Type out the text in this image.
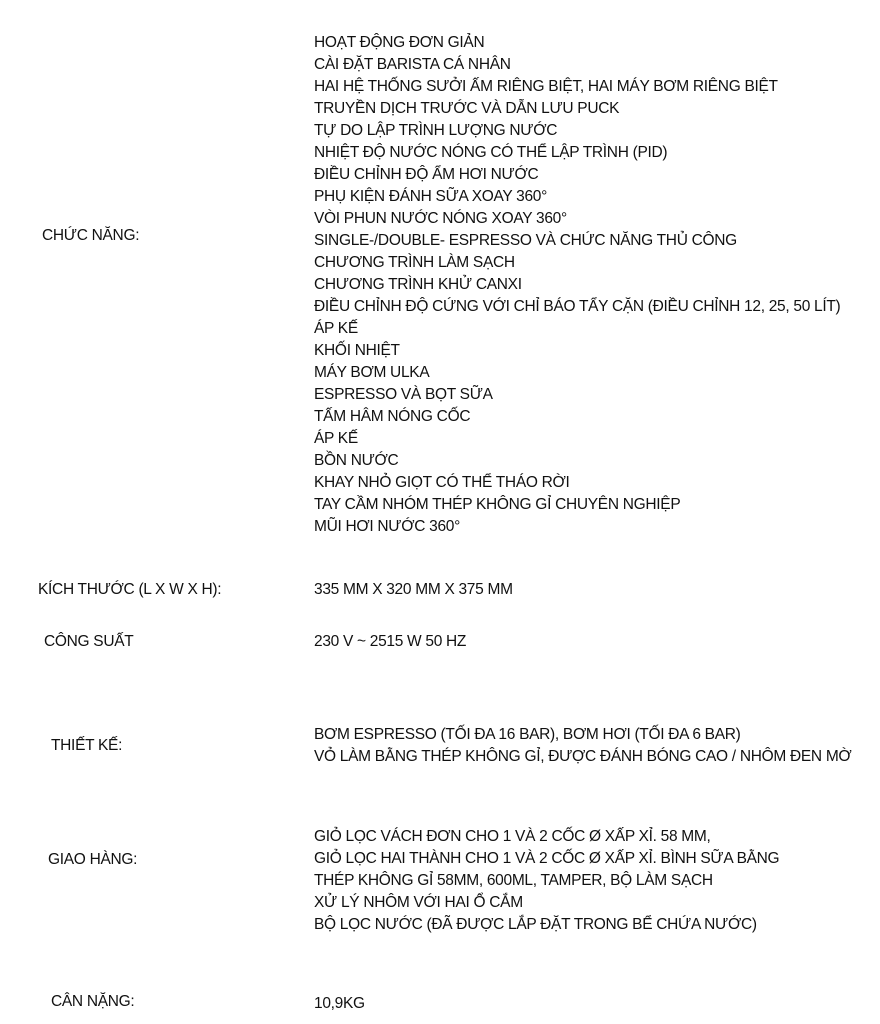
CHỨC NĂNG:
HOẠT ĐỘNG ĐƠN GIẢN
CÀI ĐẶT BARISTA CÁ NHÂN
HAI HỆ THỐNG SƯỞI ẤM RIÊNG BIỆT, HAI MÁY BƠM RIÊNG BIỆT
TRUYỀN DỊCH TRƯỚC VÀ DẪN LƯU PUCK
TỰ DO LẬP TRÌNH LƯỢNG NƯỚC
NHIỆT ĐỘ NƯỚC NÓNG CÓ THỂ LẬP TRÌNH (PID)
ĐIỀU CHỈNH ĐỘ ẨM HƠI NƯỚC
PHỤ KIỆN ĐÁNH SỮA XOAY 360°
VÒI PHUN NƯỚC NÓNG XOAY 360°
SINGLE-/DOUBLE- ESPRESSO VÀ CHỨC NĂNG THỦ CÔNG
CHƯƠNG TRÌNH LÀM SẠCH
CHƯƠNG TRÌNH KHỬ CANXI
ĐIỀU CHỈNH ĐỘ CỨNG VỚI CHỈ BÁO TẨY CẶN (ĐIỀU CHỈNH 12, 25, 50 LÍT)
ÁP KẾ
KHỐI NHIỆT
MÁY BƠM ULKA
ESPRESSO VÀ BỌT SỮA
TẤM HÂM NÓNG CỐC
ÁP KẾ
BỒN NƯỚC
KHAY NHỎ GIỌT CÓ THỂ THÁO RỜI
TAY CẦM NHÓM THÉP KHÔNG GỈ CHUYÊN NGHIỆP
MŨI HƠI NƯỚC 360°
KÍCH THƯỚC (L X W X H):	335 MM X 320 MM X 375 MM
CÔNG SUẤT	230 V ~ 2515 W 50 HZ
THIẾT KẾ:
BƠM ESPRESSO (TỐI ĐA 16 BAR), BƠM HƠI (TỐI ĐA 6 BAR)
VỎ LÀM BẰNG THÉP KHÔNG GỈ, ĐƯỢC ĐÁNH BÓNG CAO / NHÔM ĐEN MỜ
GIAO HÀNG:
GIỎ LỌC VÁCH ĐƠN CHO 1 VÀ 2 CỐC Ø XẤP XỈ. 58 MM,
GIỎ LỌC HAI THÀNH CHO 1 VÀ 2 CỐC Ø XẤP XỈ. BÌNH SỮA BẰNG
THÉP KHÔNG GỈ 58MM, 600ML, TAMPER, BỘ LÀM SẠCH
XỬ LÝ NHÔM VỚI HAI Ổ CẮM
BỘ LỌC NƯỚC (ĐÃ ĐƯỢC LẮP ĐẶT TRONG BỂ CHỨA NƯỚC)
CÂN NẶNG:	10,9KG
